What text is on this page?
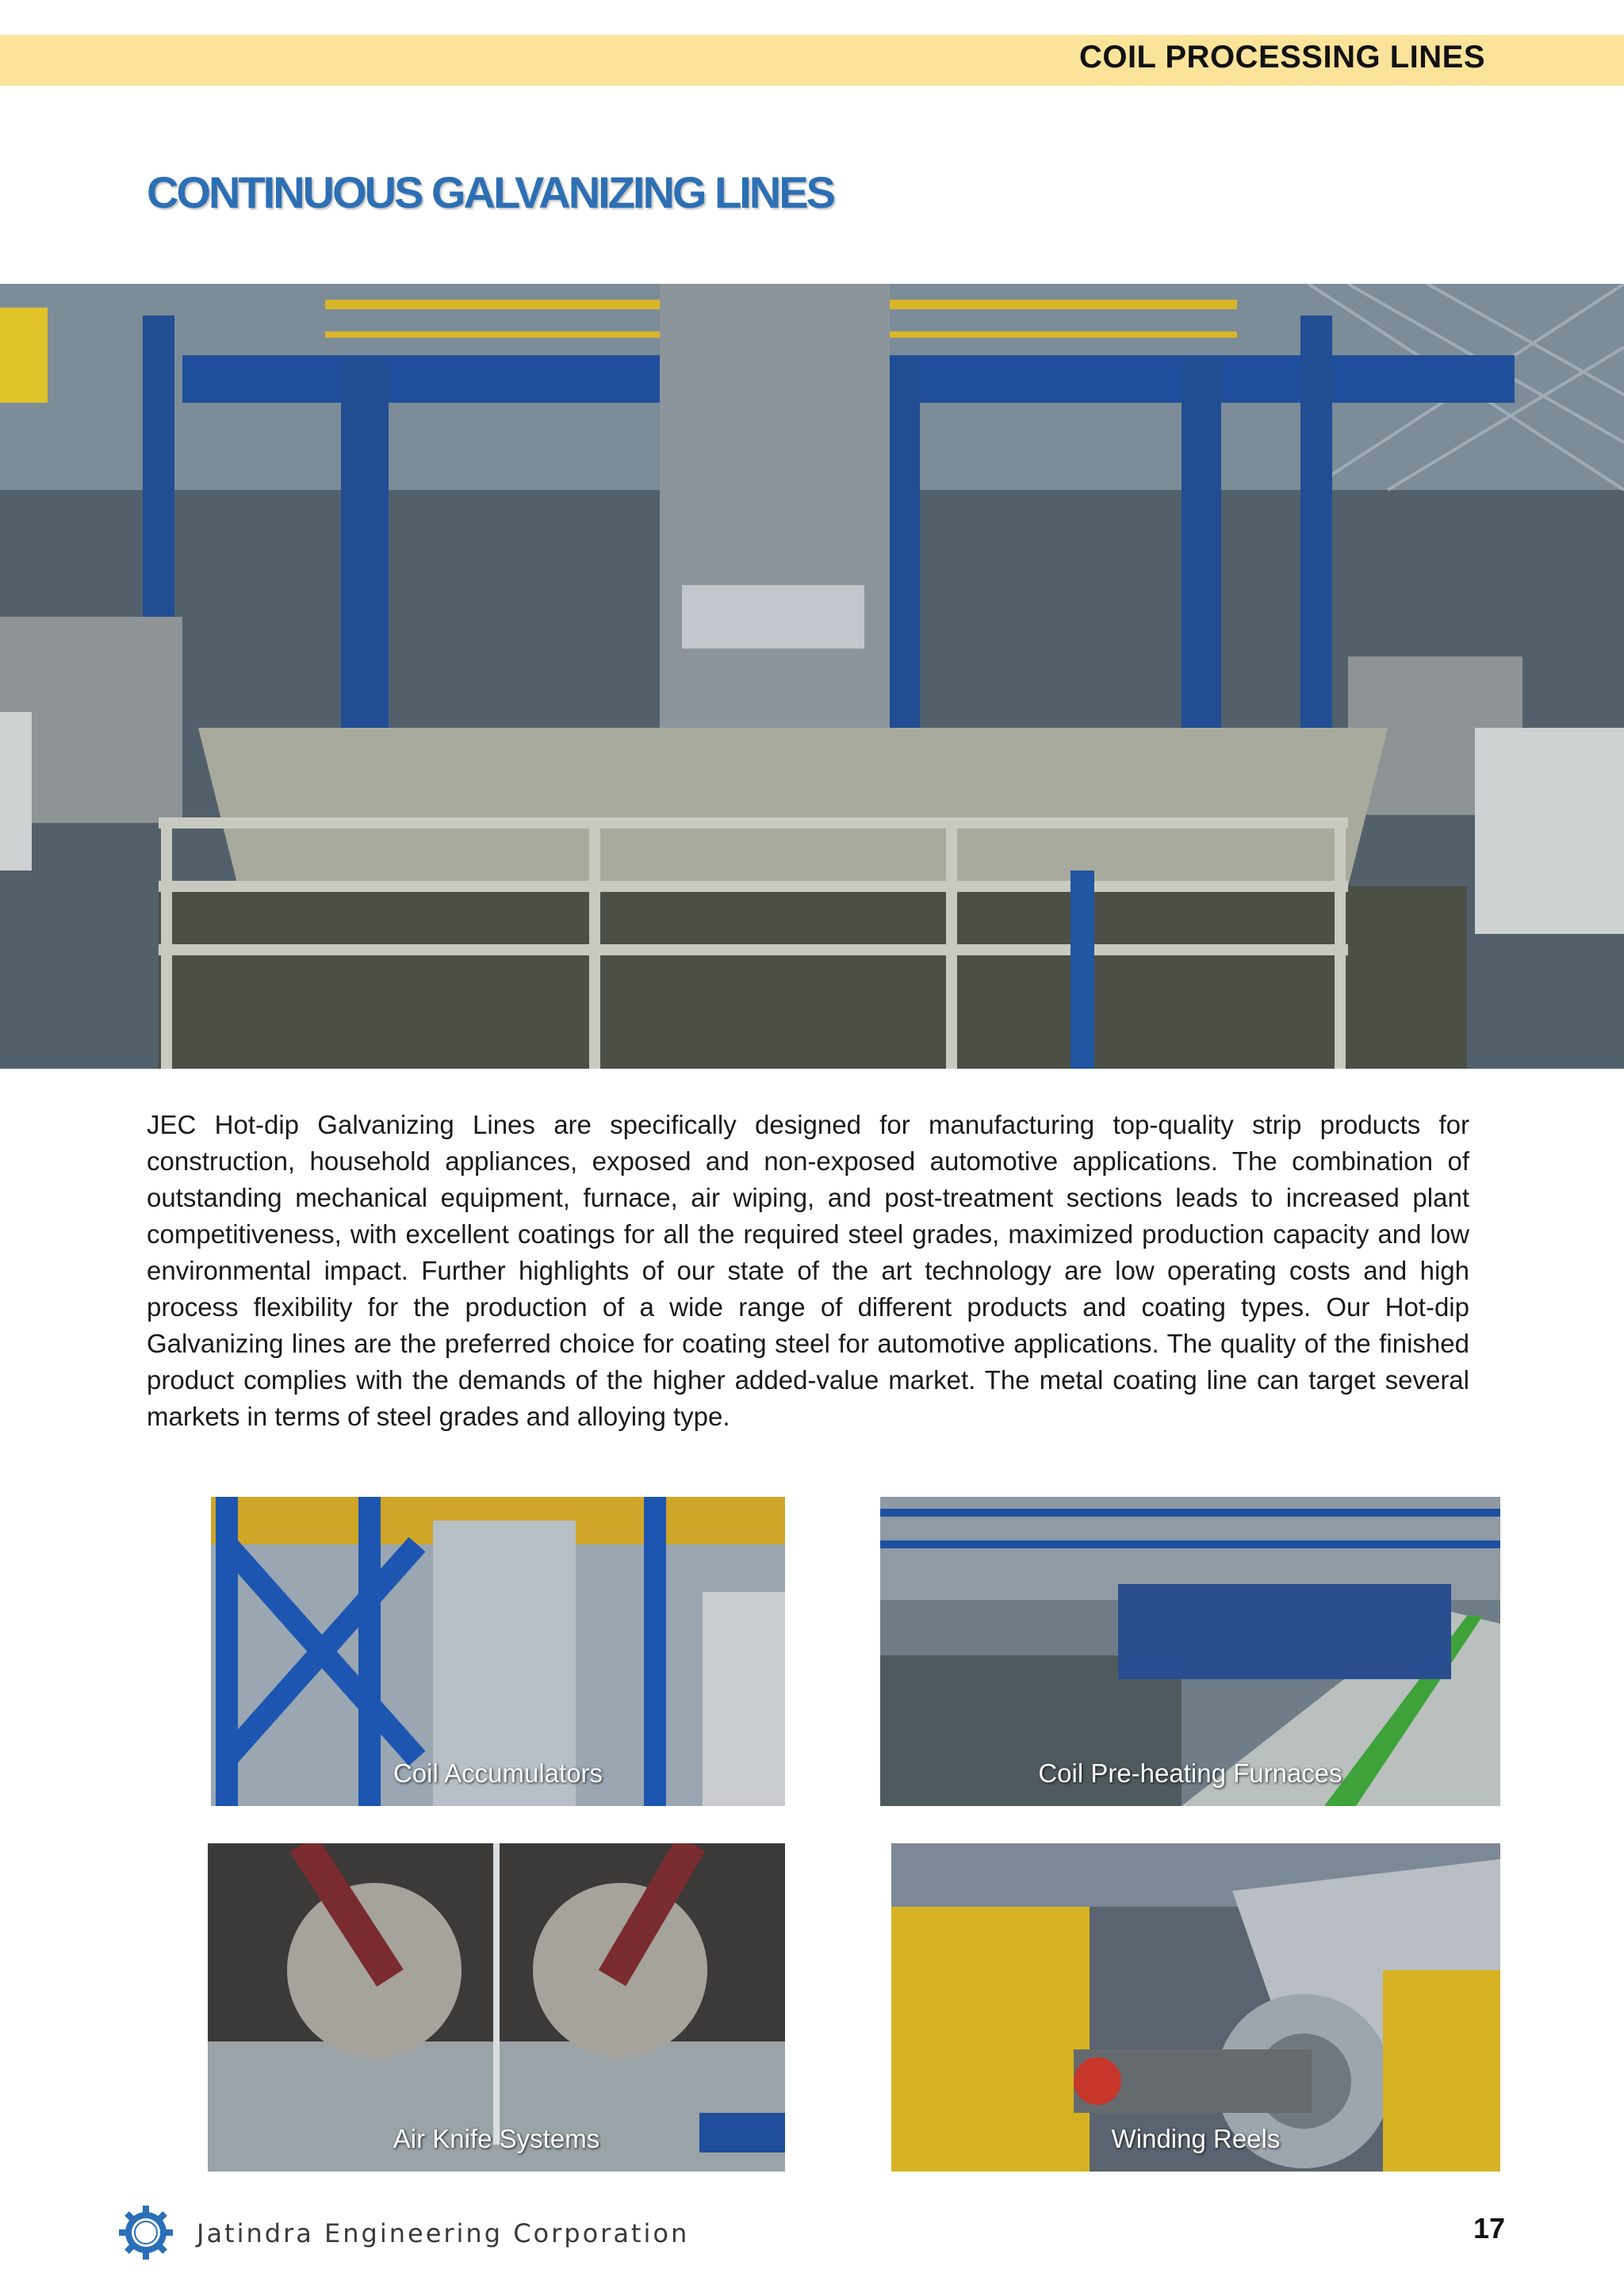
COIL PROCESSING LINES
CONTINUOUS GALVANIZING LINES

JEC Hot-dip Galvanizing Lines are specifically designed for manufacturing top-quality strip products for construction, household appliances, exposed and non-exposed automotive applications. The combination of outstanding mechanical equipment, furnace, air wiping, and post-treatment sections leads to increased plant competitiveness, with excellent coatings for all the required steel grades, maximized production capacity and low environmental impact. Further highlights of our state of the art technology are low operating costs and high process flexibility for the production of a wide range of different products and coating types. Our Hot-dip Galvanizing lines are the preferred choice for coating steel for automotive applications. The quality of the finished product complies with the demands of the higher added-value market. The metal coating line can target several markets in terms of steel grades and alloying type.

Coil Accumulators	Coil Pre-heating Furnaces
Air Knife Systems	Winding Reels
Jatindra Engineering Corporation	17
